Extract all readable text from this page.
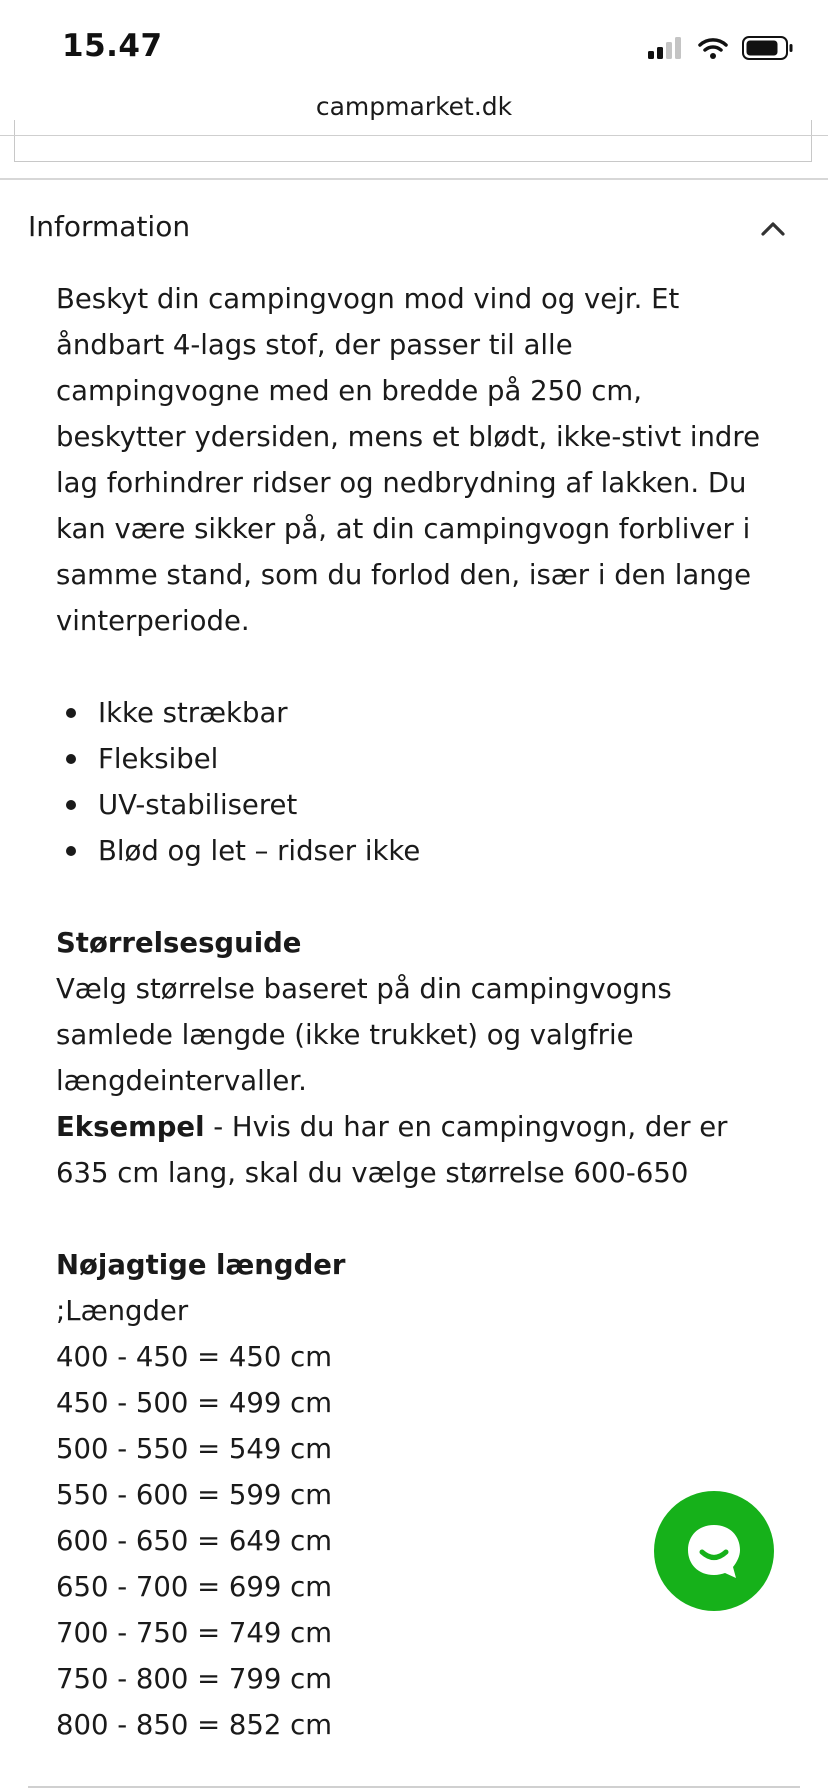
15.47
campmarket.dk
Information

Beskyt din campingvogn mod vind og vejr. Et åndbart 4-lags stof, der passer til alle campingvogne med en bredde på 250 cm, beskytter ydersiden, mens et blødt, ikke-stivt indre lag forhindrer ridser og nedbrydning af lakken. Du kan være sikker på, at din campingvogn forbliver i samme stand, som du forlod den, især i den lange vinterperiode.

Ikke strækbar
Fleksibel
UV-stabiliseret
Blød og let – ridser ikke

Størrelsesguide

Vælg størrelse baseret på din campingvogns samlede længde (ikke trukket) og valgfrie længdeintervaller.

Eksempel - Hvis du har en campingvogn, der er 635 cm lang, skal du vælge størrelse 600-650

Nøjagtige længder

;Længder

400 - 450 = 450 cm

450 - 500 = 499 cm

500 - 550 = 549 cm

550 - 600 = 599 cm

600 - 650 = 649 cm

650 - 700 = 699 cm

700 - 750 = 749 cm

750 - 800 = 799 cm

800 - 850 = 852 cm
